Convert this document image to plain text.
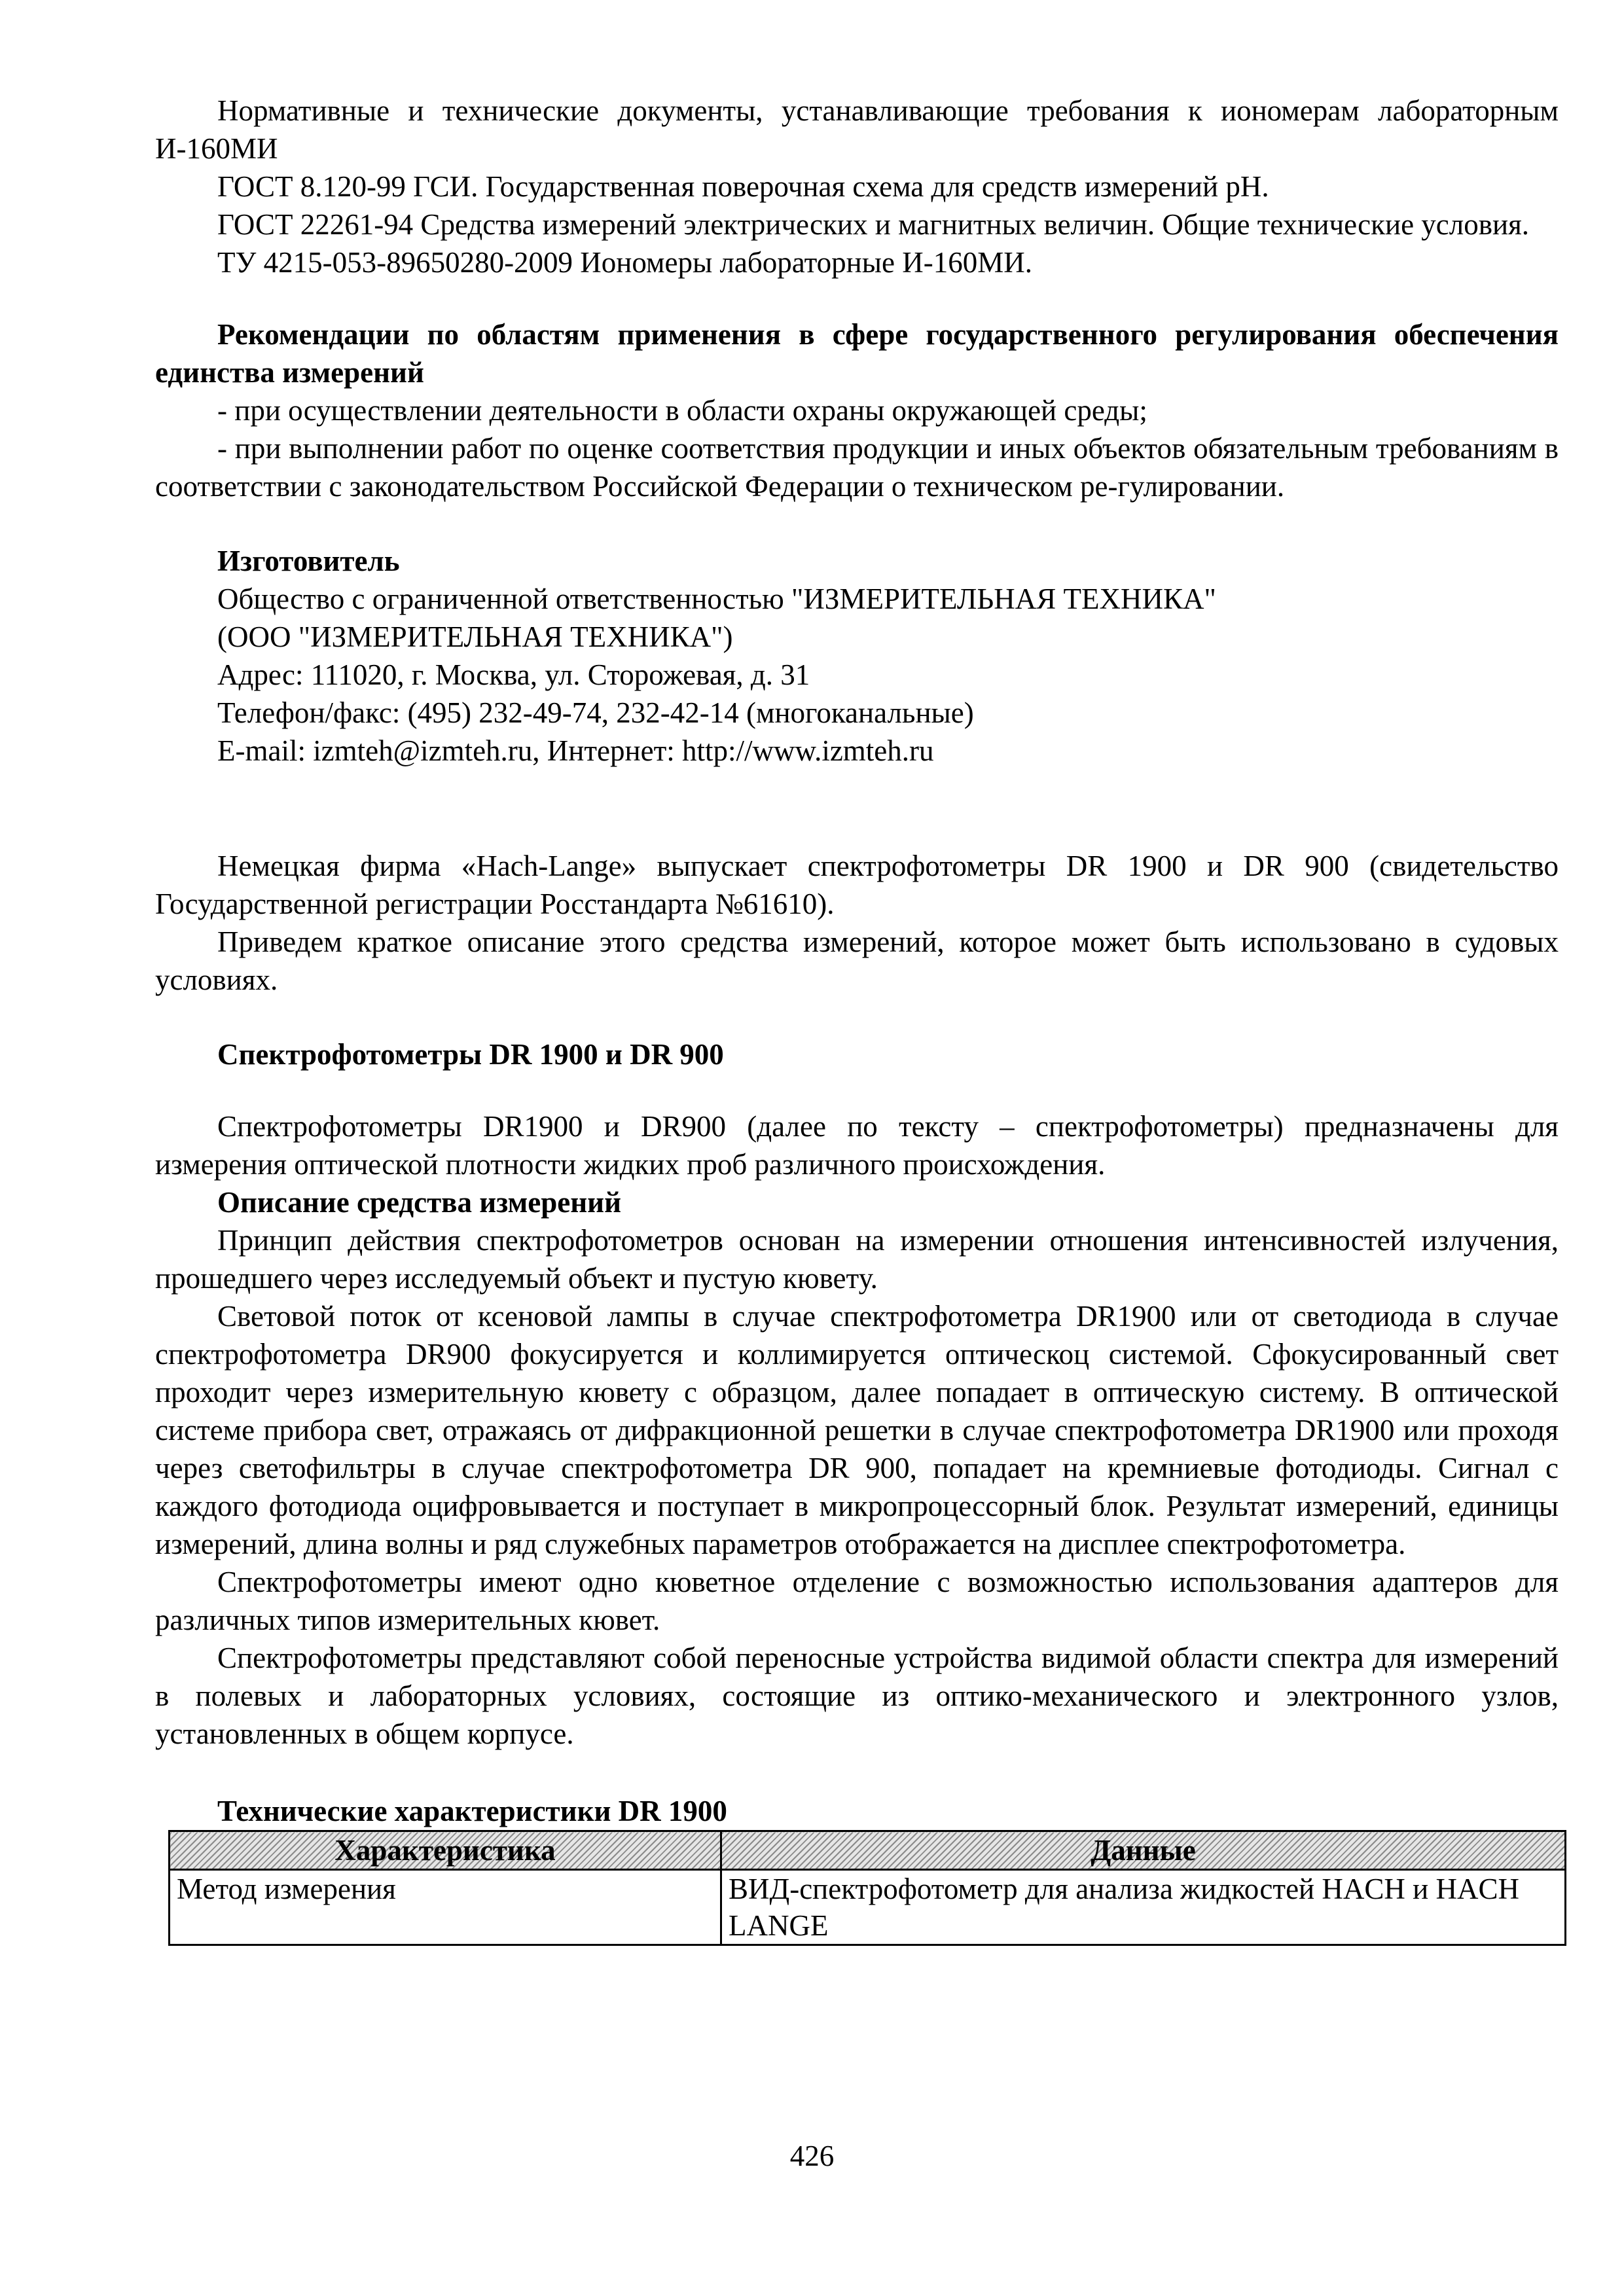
Нормативные и технические документы, устанавливающие требования к иономерам лабораторным И-160МИ

ГОСТ 8.120-99 ГСИ. Государственная поверочная схема для средств измерений pH.

ГОСТ 22261-94 Средства измерений электрических и магнитных величин. Общие технические условия.

ТУ 4215-053-89650280-2009 Иономеры лабораторные И-160МИ.

Рекомендации по областям применения в сфере государственного регулирования обеспечения единства измерений

- при осуществлении деятельности в области охраны окружающей среды;

- при выполнении работ по оценке соответствия продукции и иных объектов обязательным требованиям в соответствии с законодательством Российской Федерации о техническом ре-гулировании.

Изготовитель

Общество с ограниченной ответственностью "ИЗМЕРИТЕЛЬНАЯ ТЕХНИКА"

(ООО "ИЗМЕРИТЕЛЬНАЯ ТЕХНИКА")

Адрес: 111020, г. Москва, ул. Сторожевая, д. 31

Телефон/факс: (495) 232-49-74, 232-42-14 (многоканальные)

E-mail: izmteh@izmteh.ru, Интернет: http://www.izmteh.ru

Немецкая фирма «Hach-Lange» выпускает спектрофотометры DR 1900 и DR 900 (свидетельство Государственной регистрации Росстандарта №61610).

Приведем краткое описание этого средства измерений, которое может быть использовано в судовых условиях.

Спектрофотометры DR 1900 и DR 900

Спектрофотометры DR1900 и DR900 (далее по тексту – спектрофотометры) предназначены для измерения оптической плотности жидких проб различного происхождения.

Описание средства измерений

Принцип действия спектрофотометров основан на измерении отношения интенсивностей излучения, прошедшего через исследуемый объект и пустую кювету.

Световой поток от ксеновой лампы в случае спектрофотометра DR1900 или от светодиода в случае спектрофотометра DR900 фокусируется и коллимируется оптическоц системой. Сфокусированный свет проходит через измерительную кювету с образцом, далее попадает в оптическую систему. В оптической системе прибора свет, отражаясь от дифракционной решетки в случае спектрофотометра DR1900 или проходя через светофильтры в случае спектрофотометра DR 900, попадает на кремниевые фотодиоды. Сигнал с каждого фотодиода оцифровывается и поступает в микропроцессорный блок. Результат измерений, единицы измерений, длина волны и ряд служебных параметров отображается на дисплее спектрофотометра.

Спектрофотометры имеют одно кюветное отделение с возможностью использования адаптеров для различных типов измерительных кювет.

Спектрофотометры представляют собой переносные устройства видимой области спектра для измерений в полевых и лабораторных условиях, состоящие из оптико-механического и электронного узлов, установленных в общем корпусе.

Технические характеристики DR 1900

Характеристика	Данные
Метод измерения	ВИД-спектрофотометр для анализа жидкостей HACH и HACH LANGE
426
